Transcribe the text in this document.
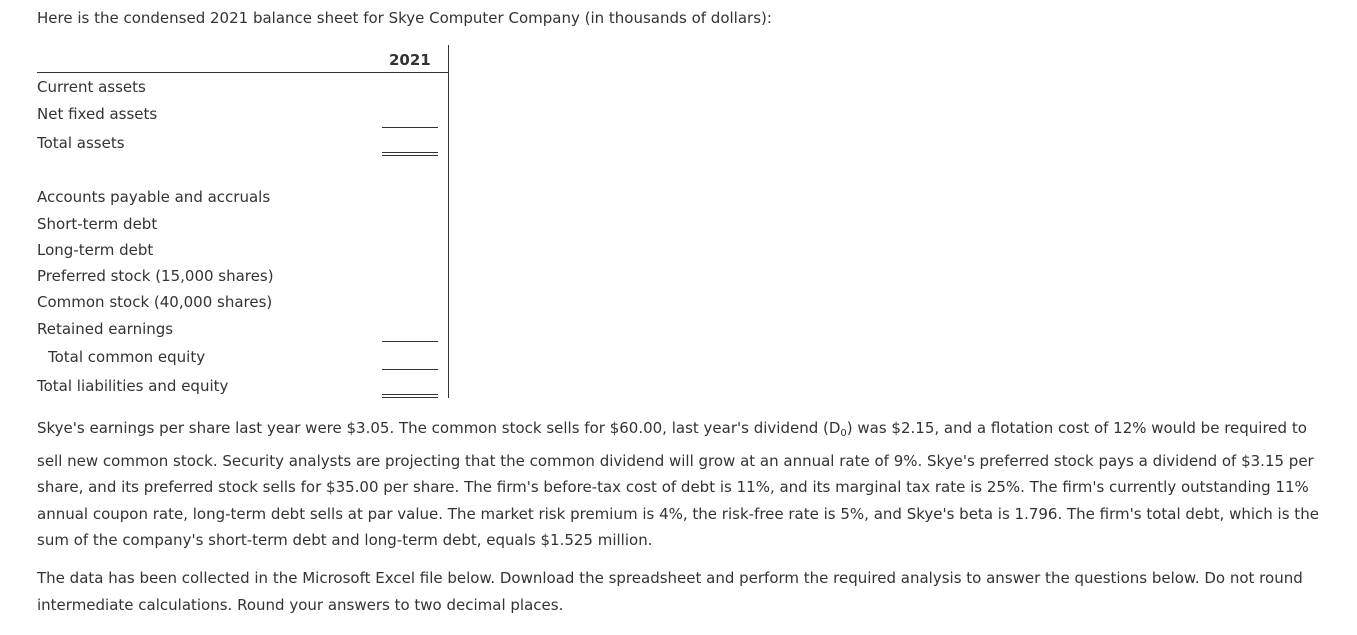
Here is the condensed 2021 balance sheet for Skye Computer Company (in thousands of dollars):
2021
Current assets
Net fixed assets
Total assets
Accounts payable and accruals
Short-term debt
Long-term debt
Preferred stock (15,000 shares)
Common stock (40,000 shares)
Retained earnings
Total common equity
Total liabilities and equity
Skye's earnings per share last year were $3.05. The common stock sells for $60.00, last year's dividend $(D_0)$ was $2.15, and a flotation cost of 12% would be required to sell new common stock. Security analysts are projecting that the common dividend will grow at an annual rate of 9%. Skye's preferred stock pays a dividend of $3.15 per share, and its preferred stock sells for $35.00 per share. The firm's before-tax cost of debt is 11%, and its marginal tax rate is 25%. The firm's currently outstanding 11% annual coupon rate, long-term debt sells at par value. The market risk premium is 4%, the risk-free rate is 5%, and Skye's beta is 1.796. The firm's total debt, which is the sum of the company's short-term debt and long-term debt, equals $1.525 million.
The data has been collected in the Microsoft Excel file below. Download the spreadsheet and perform the required analysis to answer the questions below. Do not round intermediate calculations. Round your answers to two decimal places.
